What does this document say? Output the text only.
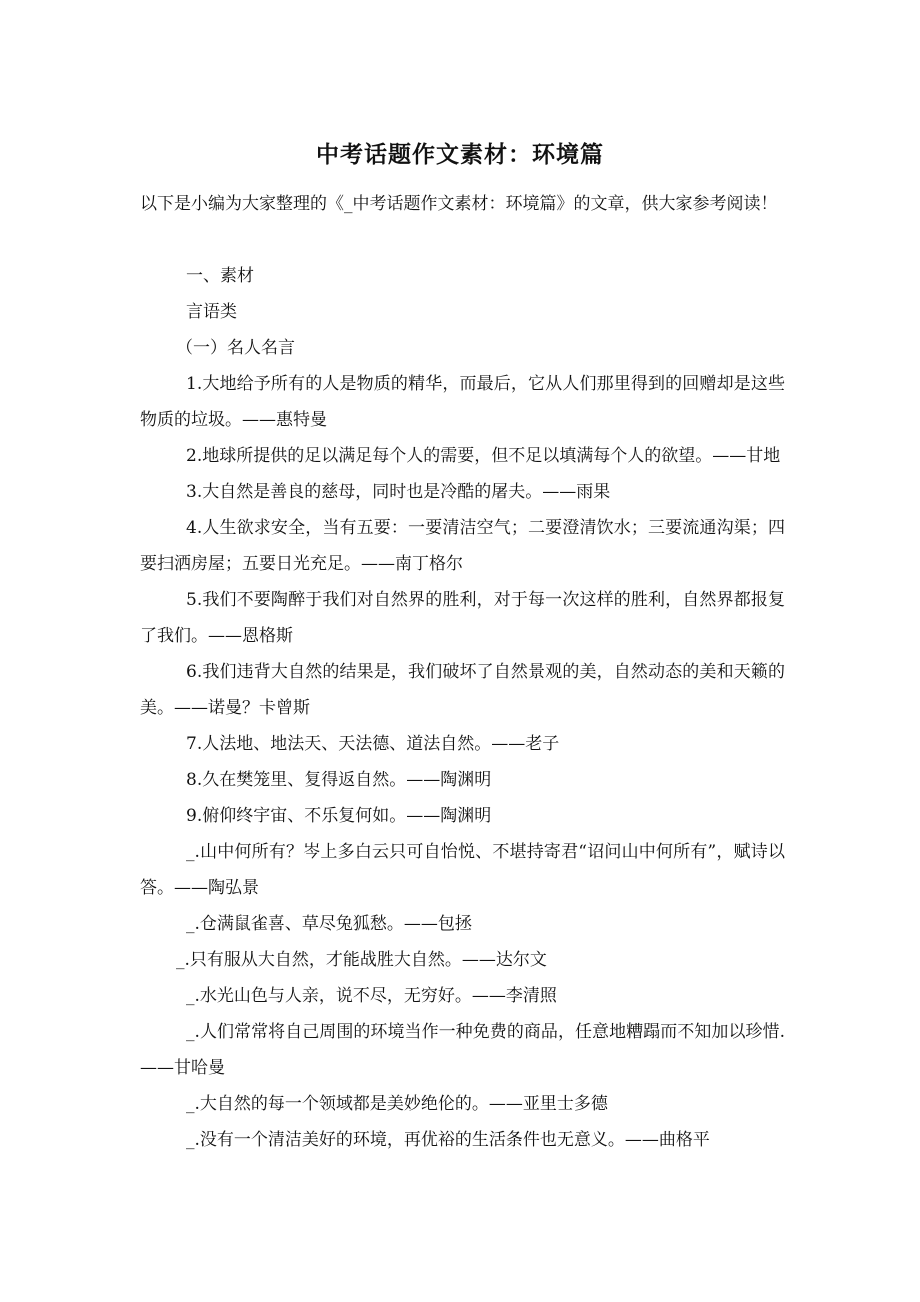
中考话题作文素材：环境篇
以下是小编为大家整理的《_中考话题作文素材：环境篇》的文章，供大家参考阅读！

一、素材

言语类

（一）名人名言

1.大地给予所有的人是物质的精华，而最后，它从人们那里得到的回赠却是这些物质的垃圾。——惠特曼

2.地球所提供的足以满足每个人的需要，但不足以填满每个人的欲望。——甘地

3.大自然是善良的慈母，同时也是冷酷的屠夫。——雨果

4.人生欲求安全，当有五要：一要清洁空气；二要澄清饮水；三要流通沟渠；四要扫洒房屋；五要日光充足。——南丁格尔

5.我们不要陶醉于我们对自然界的胜利，对于每一次这样的胜利，自然界都报复了我们。——恩格斯

6.我们违背大自然的结果是，我们破坏了自然景观的美，自然动态的美和天籁的美。——诺曼？卡曾斯

7.人法地、地法天、天法德、道法自然。——老子

8.久在樊笼里、复得返自然。——陶渊明

9.俯仰终宇宙、不乐复何如。——陶渊明

_.山中何所有？岑上多白云只可自怡悦、不堪持寄君“诏问山中何所有”，赋诗以答。——陶弘景

_.仓满鼠雀喜、草尽兔狐愁。——包拯

_.只有服从大自然，才能战胜大自然。——达尔文

_.水光山色与人亲，说不尽，无穷好。——李清照

_.人们常常将自己周围的环境当作一种免费的商品，任意地糟蹋而不知加以珍惜.——甘哈曼

_.大自然的每一个领域都是美妙绝伦的。——亚里士多德

_.没有一个清洁美好的环境，再优裕的生活条件也无意义。——曲格平
